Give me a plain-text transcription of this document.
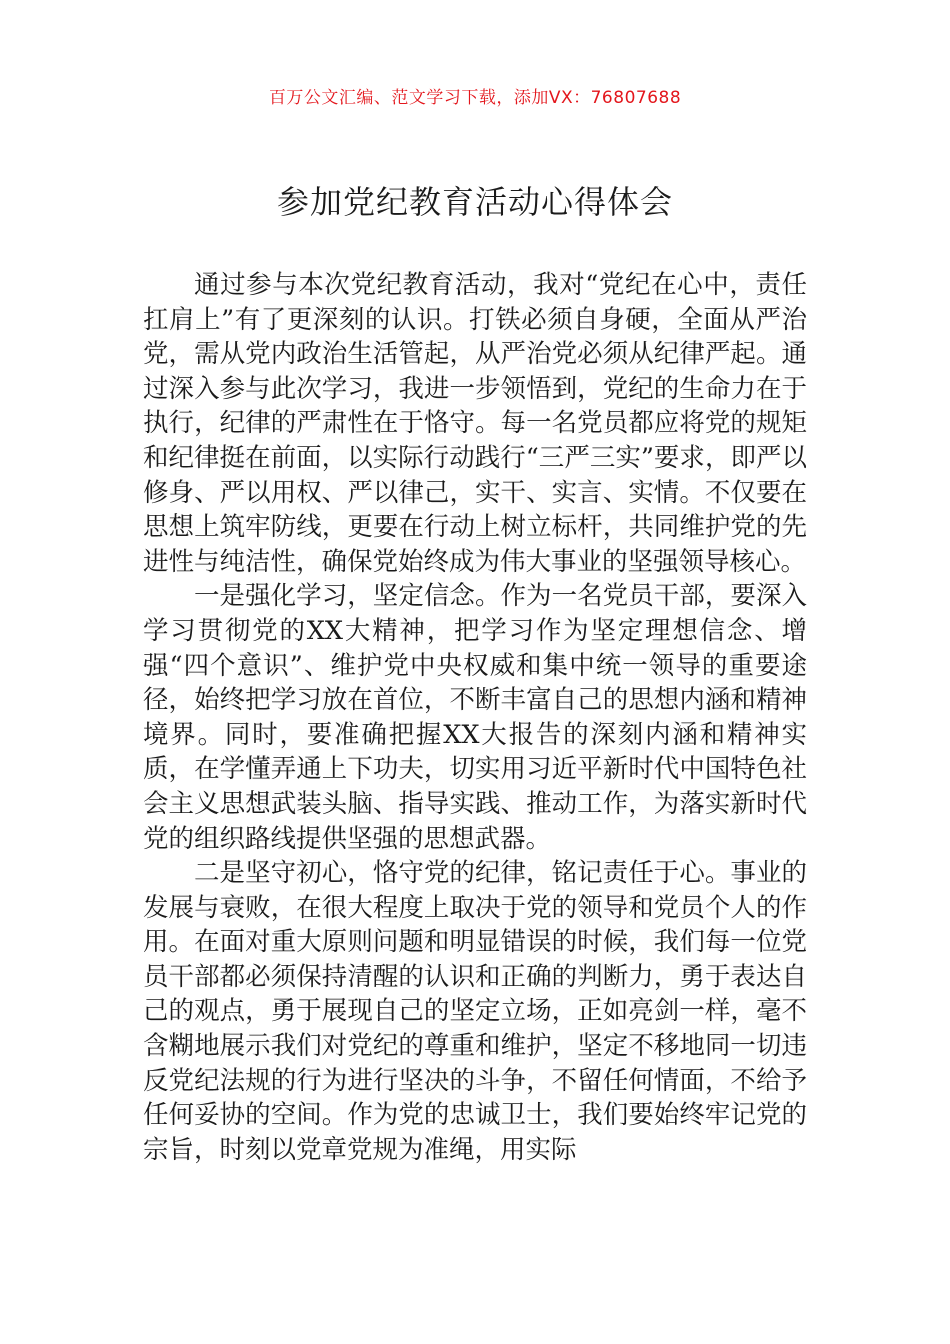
百万公文汇编、范文学习下载，添加VX：76807688
参加党纪教育活动心得体会

通过参与本次党纪教育活动，我对“党纪在心中，责任扛肩上”有了更深刻的认识。打铁必须自身硬，全面从严治党，需从党内政治生活管起，从严治党必须从纪律严起。通过深入参与此次学习，我进一步领悟到，党纪的生命力在于执行，纪律的严肃性在于恪守。每一名党员都应将党的规矩和纪律挺在前面，以实际行动践行“三严三实”要求，即严以修身、严以用权、严以律己，实干、实言、实情。不仅要在思想上筑牢防线，更要在行动上树立标杆，共同维护党的先进性与纯洁性，确保党始终成为伟大事业的坚强领导核心。

一是强化学习，坚定信念。作为一名党员干部，要深入学习贯彻党的XX大精神，把学习作为坚定理想信念、增强“四个意识”、维护党中央权威和集中统一领导的重要途径，始终把学习放在首位，不断丰富自己的思想内涵和精神境界。同时，要准确把握XX大报告的深刻内涵和精神实质，在学懂弄通上下功夫，切实用习近平新时代中国特色社会主义思想武装头脑、指导实践、推动工作，为落实新时代党的组织路线提供坚强的思想武器。

二是坚守初心，恪守党的纪律，铭记责任于心。事业的发展与衰败，在很大程度上取决于党的领导和党员个人的作用。在面对重大原则问题和明显错误的时候，我们每一位党员干部都必须保持清醒的认识和正确的判断力，勇于表达自己的观点，勇于展现自己的坚定立场，正如亮剑一样，毫不含糊地展示我们对党纪的尊重和维护，坚定不移地同一切违反党纪法规的行为进行坚决的斗争，不留任何情面，不给予任何妥协的空间。作为党的忠诚卫士，我们要始终牢记党的宗旨，时刻以党章党规为准绳，用实际
